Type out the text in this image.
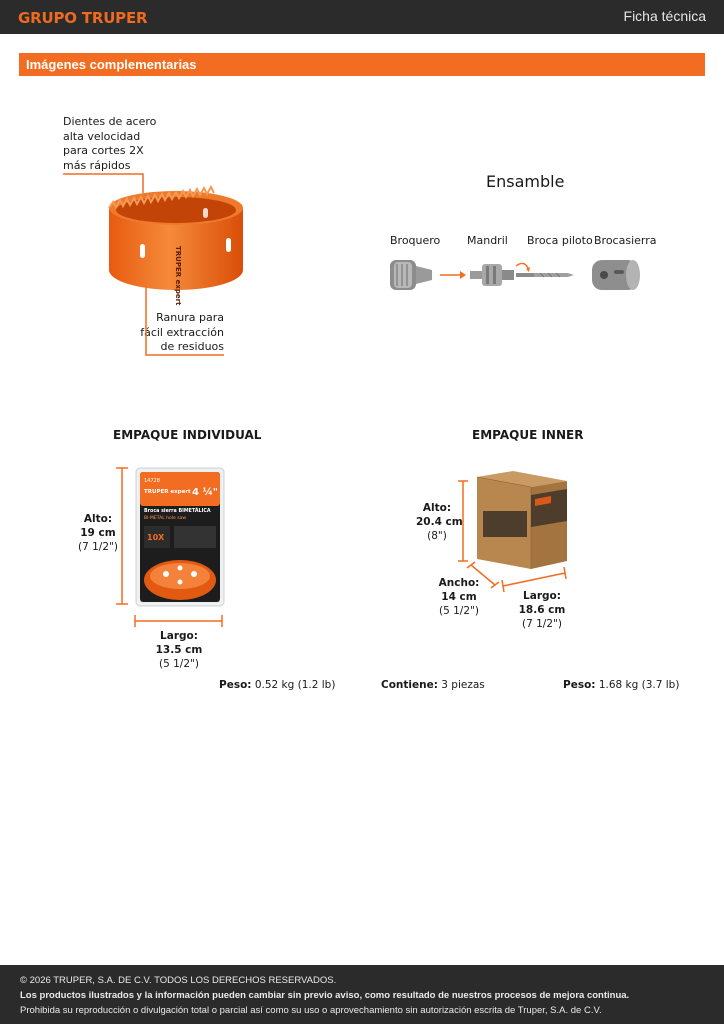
GRUPO TRUPER	Ficha técnica
Imágenes complementarias
Dientes de acero
alta velocidad
para cortes 2X
más rápidos
Ranura para
fácil extracción
de residuos
TRUPER expert
Ensamble
Broquero Mandril Broca piloto Brocasierra
EMPAQUE INDIVIDUAL
14728
TRUPER expert 4 ¼"
Broca sierra BIMETÁLICA
BI-METAL hole saw
10X
Alto:
19 cm
(7 1/2")
Largo:
13.5 cm
(5 1/2")
EMPAQUE INNER
Alto:
20.4 cm
(8")
Ancho:
14 cm
(5 1/2")
Largo:
18.6 cm
(7 1/2")
Peso: 0.52 kg (1.2 lb)	Contiene: 3 piezas	Peso: 1.68 kg (3.7 lb)
© 2026 TRUPER, S.A. DE C.V. TODOS LOS DERECHOS RESERVADOS.
Los productos ilustrados y la información pueden cambiar sin previo aviso, como resultado de nuestros procesos de mejora continua.
Prohibida su reproducción o divulgación total o parcial así como su uso o aprovechamiento sin autorización escrita de Truper, S.A. de C.V.
